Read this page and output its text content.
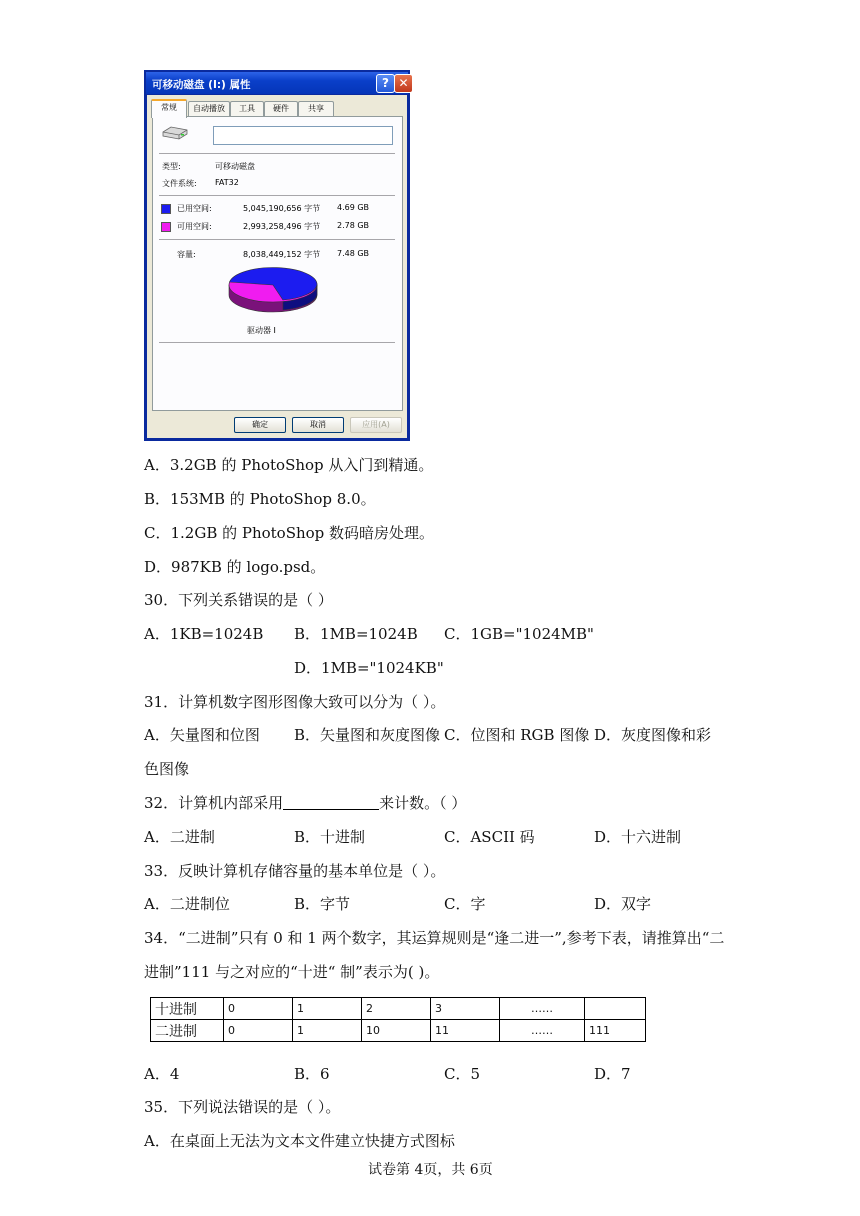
可移动磁盘 (I:) 属性	? ✕
常规	自动播放	工具	硬件	共享
类型:	可移动磁盘
文件系统: FAT32
已用空间:	5,045,190,656 字节 4.69 GB
可用空间:	2,993,258,496 字节 2.78 GB
容量:	8,038,449,152 字节 7.48 GB
驱动器 I
确定	取消	应用(A)
A．3.2GB 的 PhotoShop 从入门到精通。
B．153MB 的 PhotoShop 8.0。
C．1.2GB 的 PhotoShop 数码暗房处理。
D．987KB 的 logo.psd。
30．下列关系错误的是（ ）
A．1KB=1024B B．1MB=1024B C．1GB="1024MB"
D．1MB="1024KB"
31．计算机数字图形图像大致可以分为（ ）。
A．矢量图和位图 B．矢量图和灰度图像 C．位图和 RGB 图像 D．灰度图像和彩
色图像
32．计算机内部采用	来计数。（ ）
A．二进制	B．十进制	C．ASCII 码	D．十六进制
33．反映计算机存储容量的基本单位是（ ）。
A．二进制位	B．字节	C．字	D．双字
34．“二进制”只有 0 和 1 两个数字，其运算规则是“逢二进一”,参考下表，请推算出“二
进制”111 与之对应的“十进“ 制”表示为( )。
十进制	0	1	2	3	……	
二进制	0	1	10	11	……	111
A．4	B．6	C．5	D．7
35．下列说法错误的是（ ）。
A．在桌面上无法为文本文件建立快捷方式图标
试卷第 4页，共 6页
